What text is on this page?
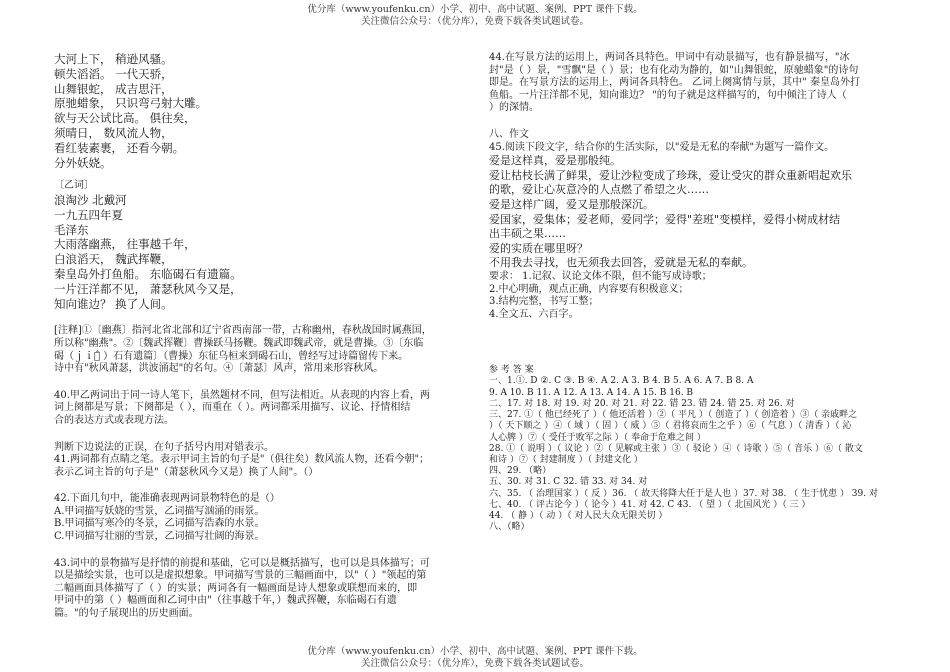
优分库（www.youfenku.cn）小学、初中、高中试题、案例、PPT 课件下载。
关注微信公众号：（优分库），免费下载各类试题试卷。
大河上下， 稍逊风骚。
顿失滔滔。 一代天骄，
山舞银蛇， 成吉思汗，
原驰蜡象， 只识弯弓射大雕。
欲与天公试比高。 俱往矣，
须晴日， 数风流人物，
看红装素裹， 还看今朝。
分外妖娆。
〔乙词〕
浪淘沙 北戴河
一九五四年夏
毛泽东
大雨落幽燕， 往事越千年，
白浪滔天， 魏武挥鞭，
秦皇岛外打鱼船。 东临碣石有遗篇。
一片汪洋都不见， 萧瑟秋风今又是，
知向谁边？ 换了人间。
[注释]①〔幽燕〕指河北省北部和辽宁省西南部一带，古称幽州，春秋战国时属燕国，
所以称"幽燕"。②〔魏武挥鞭〕曹操跃马扬鞭。魏武即魏武帝，就是曹操。③〔东临
碣（ｊｉｅ̂ ）石有遗篇〕（曹操）东征乌桓来到碣石山，曾经写过诗篇留传下来。
诗中有"秋风萧瑟，洪波涌起"的名句。④〔萧瑟〕风声，常用来形容秋风。
40.甲乙两词出于同一诗人笔下，虽然题材不同，但写法相近。从表现的内容上看，两
词上阕都是写景；下阕都是（ ），而重在（ ）。两词都采用描写、议论、抒情相结
合的表达方式或表现方法。
判断下边说法的正误，在句子括号内用对错表示。
41.两词都有点睛之笔。表示甲词主旨的句子是"（俱往矣）数风流人物，还看今朝"；
表示乙词主旨的句子是"（萧瑟秋风今又是）换了人间"。（）
42.下面几句中，能准确表现两词景物特色的是（）
A.甲词描写妖娆的雪景，乙词描写汹涌的雨景。
B.甲词描写寒冷的冬景，乙词描写浩森的水景。
C.甲词描写壮丽的雪景，乙词描写壮阔的海景。
43.词中的景物描写是抒情的前提和基础，它可以是概括描写，也可以是具体描写；可
以是描绘实景，也可以是虚拟想象。甲词描写雪景的三幅画面中，以"（ ）"领起的第
二幅画面具体描写了（ ）的实景；两词各有一幅画面是诗人想象或联想而来的，即
甲词中的第（ ）幅画面和乙词中由"（往事越千年，）魏武挥鞭，东临碣石有遗
篇。"的句子展现出的历史画面。
44.在写景方法的运用上，两词各具特色。甲词中有动景描写，也有静景描写，"冰
封"是（ ）景，"雪飘"是（ ）景；也有化动为静的，如"山舞银蛇，原驰蜡象"的诗句
即是。在写景方法的运用上，两词各具特色。 乙词上阕寓情与景，其中" 秦皇岛外打
鱼船。一片汪洋都不见，知向谁边？ "的句子就是这样描写的，句中倾注了诗人（
）的深情。
八、作文
45.阅读下段文字，结合你的生活实际，以"爱是无私的奉献"为题写一篇作文。
爱是这样真，爱是那般纯。
爱让枯枝长满了鲜果，爱让沙粒变成了珍珠，爱让受灾的群众重新唱起欢乐
的歌，爱让心灰意冷的人点燃了希望之火……
爱是这样广阔，爱又是那般深沉。
爱国家，爱集体；爱老师，爱同学；爱得"差班"变模样，爱得小树成材结
出丰硕之果……
爱的实质在哪里呀？
不用我去寻找，也无须我去回答，爱就是无私的奉献。
要求： 1.记叙、议论文体不限，但不能写成诗歌；
2.中心明确，观点正确，内容要有积极意义；
3.结构完整，书写工整；
4.全文五、六百字。
参 考 答 案
一、1.①. D ②. C ③. B ④. A 2. A 3. B 4. B 5. A 6. A 7. B 8. A
9. A 10. B 11. A 12. A 13. A 14. A 15. B 16. B
二、17. 对 18. 对 19. 对 20. 对 21. 对 22. 错 23. 错 24. 错 25. 对 26. 对
三、27. ①（ 他已经死了 ）（ 他还活着 ）②（ 平凡 ）（ 创造了 ）（ 创造着 ）③（ 亲戚畔之
）（ 天下顺之 ）④（ 域 ）（ 固 ）（ 威 ）⑤（ 君将哀而生之乎 ）⑥（ 气息 ）（ 清香 ）（ 沁
人心脾 ）⑦（ 受任于败军之际 ）（ 奉命于危难之间 ）
28. ①（ 说明 ）（ 议论 ）②（ 见解或主张 ）③（ 驳论 ）④（ 诗歌 ）⑤（ 音乐 ）⑥（ 散文
和诗 ）⑦（ 封建制度 ）（ 封建文化 ）
四、29. （略）
五、30. 对 31. C 32. 错 33. 对 34. 对
六、35. （ 治理国家 ）（ 反 ）36. （ 故天将降大任于是人也 ）37. 对 38. （ 生于忧患 ） 39. 对
七、40. （ 评古论今 ）（ 论今 ）41. 对 42. C 43. （ 望 ）（ 北国风光 ）（ 三 ）
44. （ 静 ）（ 动 ）（ 对人民大众无限关切 ）
八、（略）
优分库（www.youfenku.cn）小学、初中、高中试题、案例、PPT 课件下载。
关注微信公众号：（优分库），免费下载各类试题试卷。
